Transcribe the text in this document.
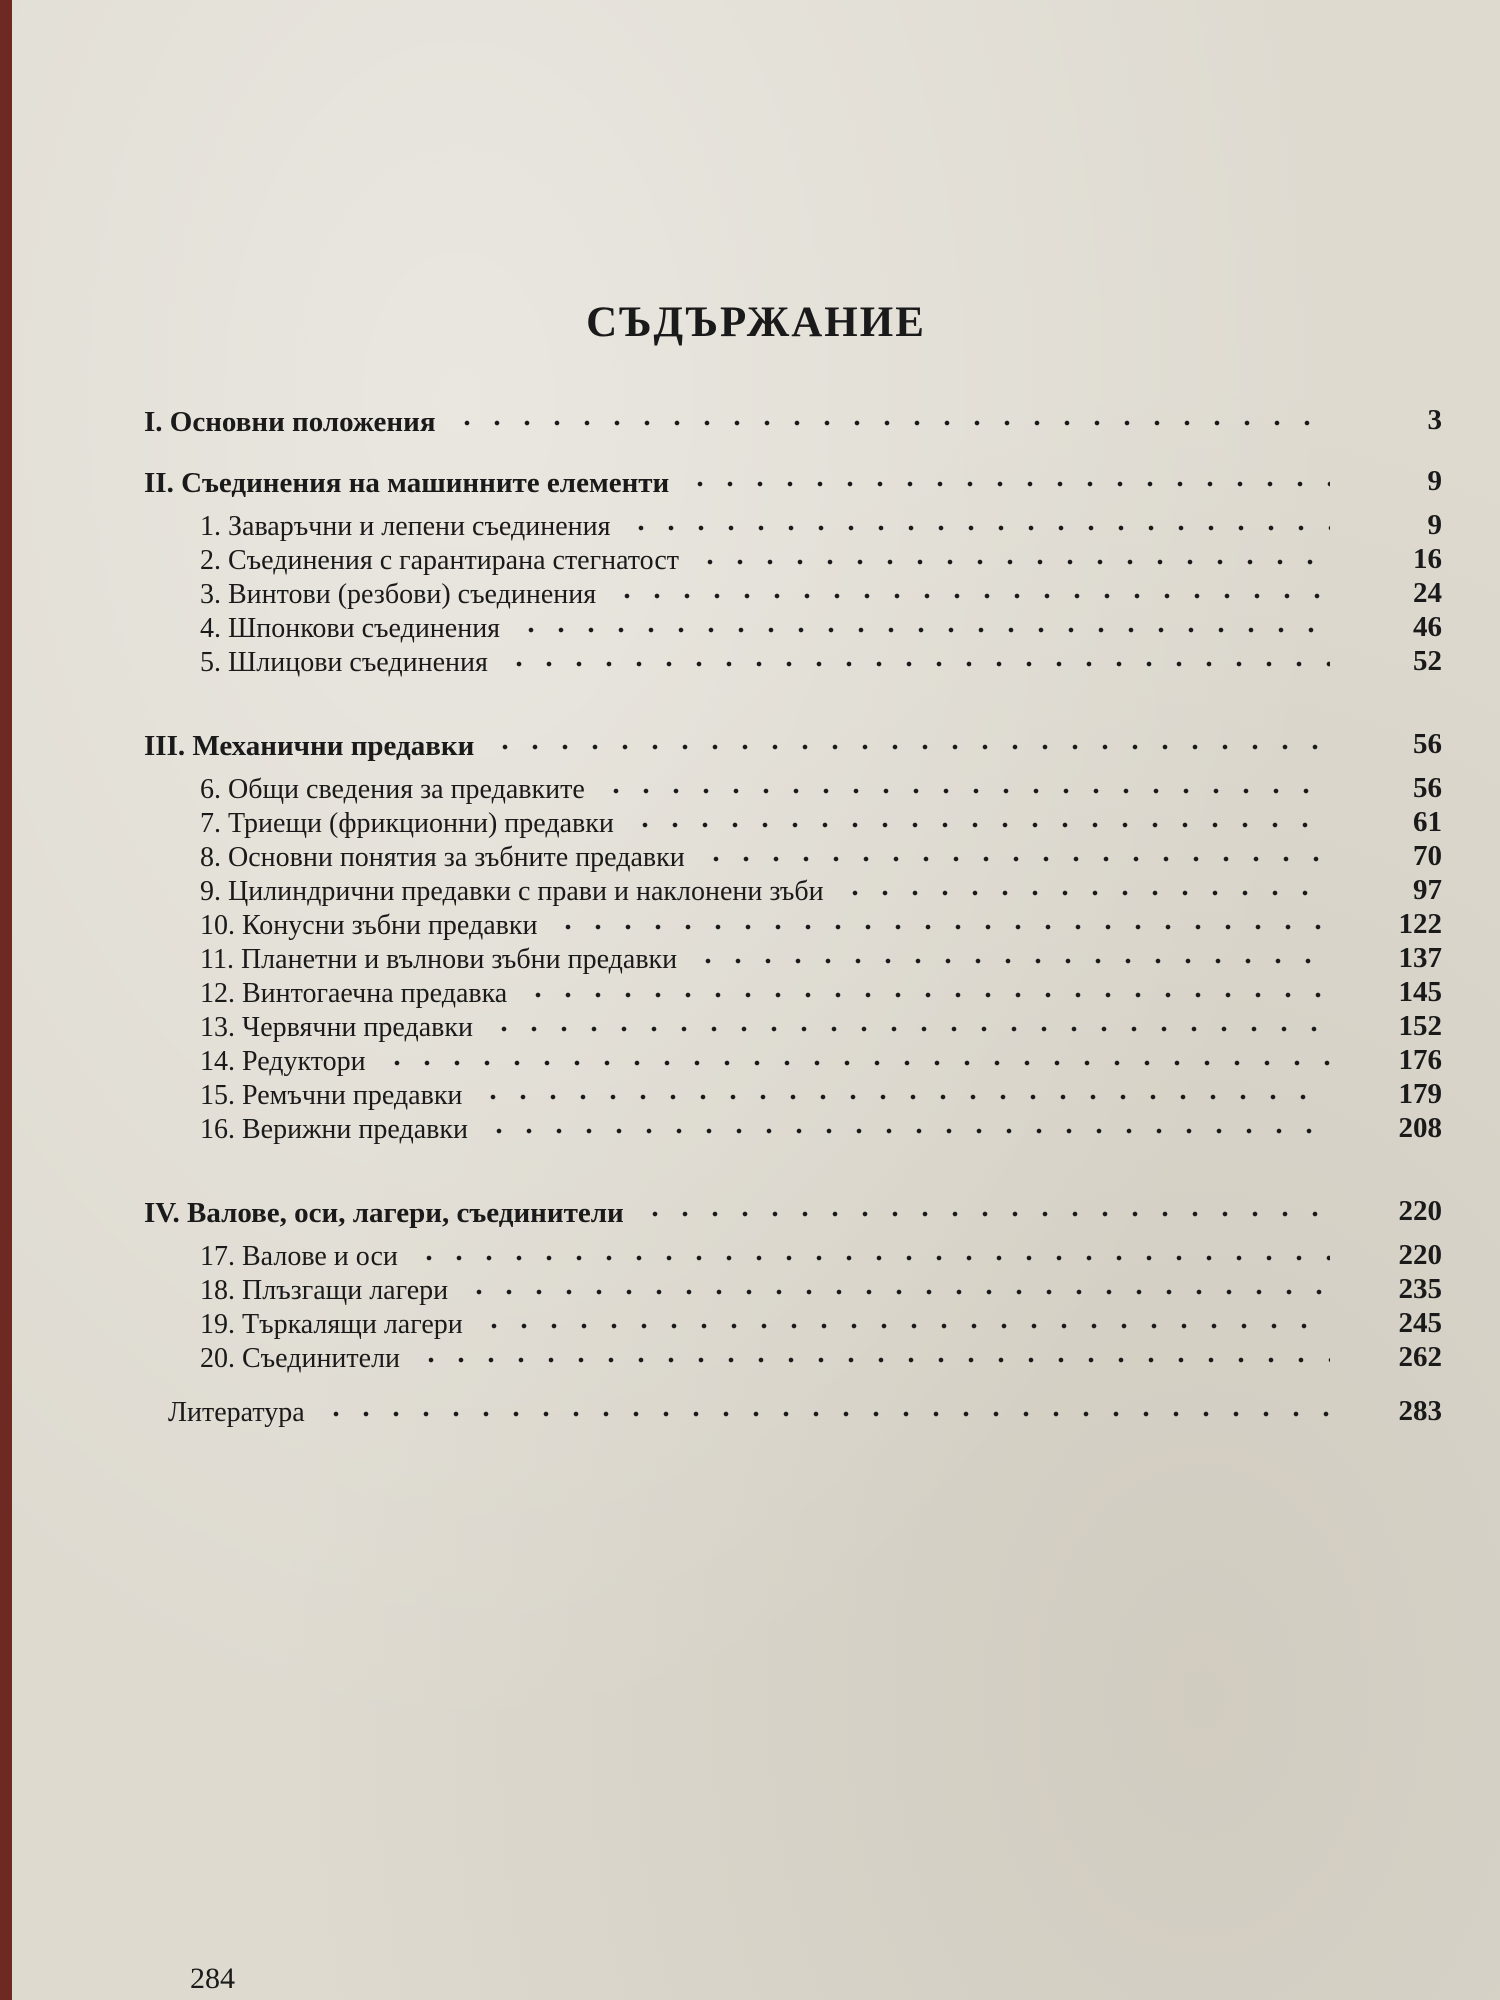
СЪДЪРЖАНИЕ
I. Основни положения	3
II. Съединения на машинните елементи	9
1. Заваръчни и лепени съединения	9
2. Съединения с гарантирана стегнатост	16
3. Винтови (резбови) съединения	24
4. Шпонкови съединения	46
5. Шлицови съединения	52
III. Механични предавки	56
6. Общи сведения за предавките	56
7. Триещи (фрикционни) предавки	61
8. Основни понятия за зъбните предавки	70
9. Цилиндрични предавки с прави и наклонени зъби	97
10. Конусни зъбни предавки	122
11. Планетни и вълнови зъбни предавки	137
12. Винтогаечна предавка	145
13. Червячни предавки	152
14. Редуктори	176
15. Ремъчни предавки	179
16. Верижни предавки	208
IV. Валове, оси, лагери, съединители	220
17. Валове и оси	220
18. Плъзгащи лагери	235
19. Търкалящи лагери	245
20. Съединители	262
Литература	283
284
